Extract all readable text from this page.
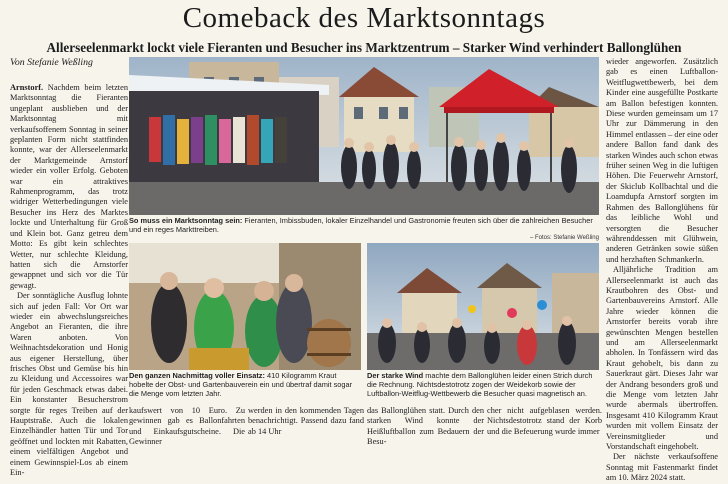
Comeback des Marktsonntags
Allerseelenmarkt lockt viele Fieranten und Besucher ins Marktzentrum – Starker Wind verhindert Ballonglühen
Von Stefanie Weßling

Arnstorf. Nachdem beim letzten Marktsonntag die Fieranten ungeplant ausblieben und der Marktsonntag mit verkaufsoffenem Sonntag in seiner geplanten Form nicht stattfinden konnte, war der Allerseelenmarkt der Marktgemeinde Arnstorf wieder ein voller Erfolg. Geboten war ein attraktives Rahmenprogramm, das trotz widriger Wetterbedingungen viele Besucher ins Herz des Marktes lockte und Unterhaltung für Groß und Klein bot. Ganz getreu dem Motto: Es gibt kein schlechtes Wetter, nur schlechte Kleidung, hatten sich die Arnstorfer gewappnet und sich vor die Tür gewagt.

Der sonntägliche Ausflug lohnte sich auf jeden Fall: Vor Ort war wieder ein abwechslungsreiches Angebot an Fieranten, die ihre Waren anboten. Von Weihnachtsdekoration und Honig aus eigener Herstellung, über frisches Obst und Gemüse bis hin zu Kleidung und Accessoires war für jeden Geschmack etwas dabei. Ein konstanter Besucherstrom sorgte für reges Treiben auf der Hauptstraße. Auch die lokalen Einzelhändler hatten Tür und Tor geöffnet und lockten mit Rabatten, einem vielfältigen Angebot und einem Gewinnspiel-Los ab einem Ein-

So muss ein Marktsonntag sein: Fieranten, Imbissbuden, lokaler Einzelhandel und Gastronomie freuten sich über die zahlreichen Besucher und ein reges Markttreiben.
– Fotos: Stefanie Weßling
Den ganzen Nachmittag voller Einsatz: 410 Kilogramm Kraut hobelte der Obst- und Gartenbauverein ein und übertraf damit sogar die Menge vom letzten Jahr.
Der starke Wind machte dem Ballonglühen leider einen Strich durch die Rechnung. Nichtsdestotrotz zogen der Weidekorb sowie der Luftballon-Weitflug-Wettbewerb die Besucher quasi magnetisch an.

kaufswert von 10 Euro. Zu gewinnen gab es Ballonfahrten und Einkaufsgutscheine. Die Gewinner

werden in den kommenden Tagen benachrichtigt. Passend dazu fand ab 14 Uhr

das Ballonglühen statt. Durch den starken Wind konnte der Heißluftballon zum Bedauern der Besu-

cher nicht aufgeblasen werden. Nichtsdestotrotz stand der Korb und die Befeuerung wurde immer

wieder angeworfen. Zusätzlich gab es einen Luftballon-Weitflugwettbewerb, bei dem Kinder eine ausgefüllte Postkarte am Ballon befestigen konnten. Diese wurden gemeinsam um 17 Uhr zur Dämmerung in den Himmel entlassen – der eine oder andere Ballon fand dank des starken Windes auch schon etwas früher seinen Weg in die luftigen Höhen. Die Feuerwehr Arnstorf, der Skiclub Kollbachtal und die Loamdupfa Arnstorf sorgten im Rahmen des Ballonglühens für das leibliche Wohl und versorgten die Besucher währenddessen mit Glühwein, anderen Getränken sowie süßen und herzhaften Schmankerln.

Alljährliche Tradition am Allerseelenmarkt ist auch das Krautbohren des Obst- und Gartenbauvereins Arnstorf. Alle Jahre wieder können die Arnstorfer bereits vorab ihre gewünschten Mengen bestellen und am Allerseelenmarkt abholen. In Tonfässern wird das Kraut gehobelt, bis dann zu Sauerkraut gärt. Dieses Jahr war der Andrang besonders groß und die Menge vom letzten Jahr wurde abermals übertroffen. Insgesamt 410 Kilogramm Kraut wurden mit vollem Einsatz der Vereinsmitglieder und Vorstandschaft eingehobelt.

Der nächste verkaufsoffene Sonntag mit Fastenmarkt findet am 10. März 2024 statt.
